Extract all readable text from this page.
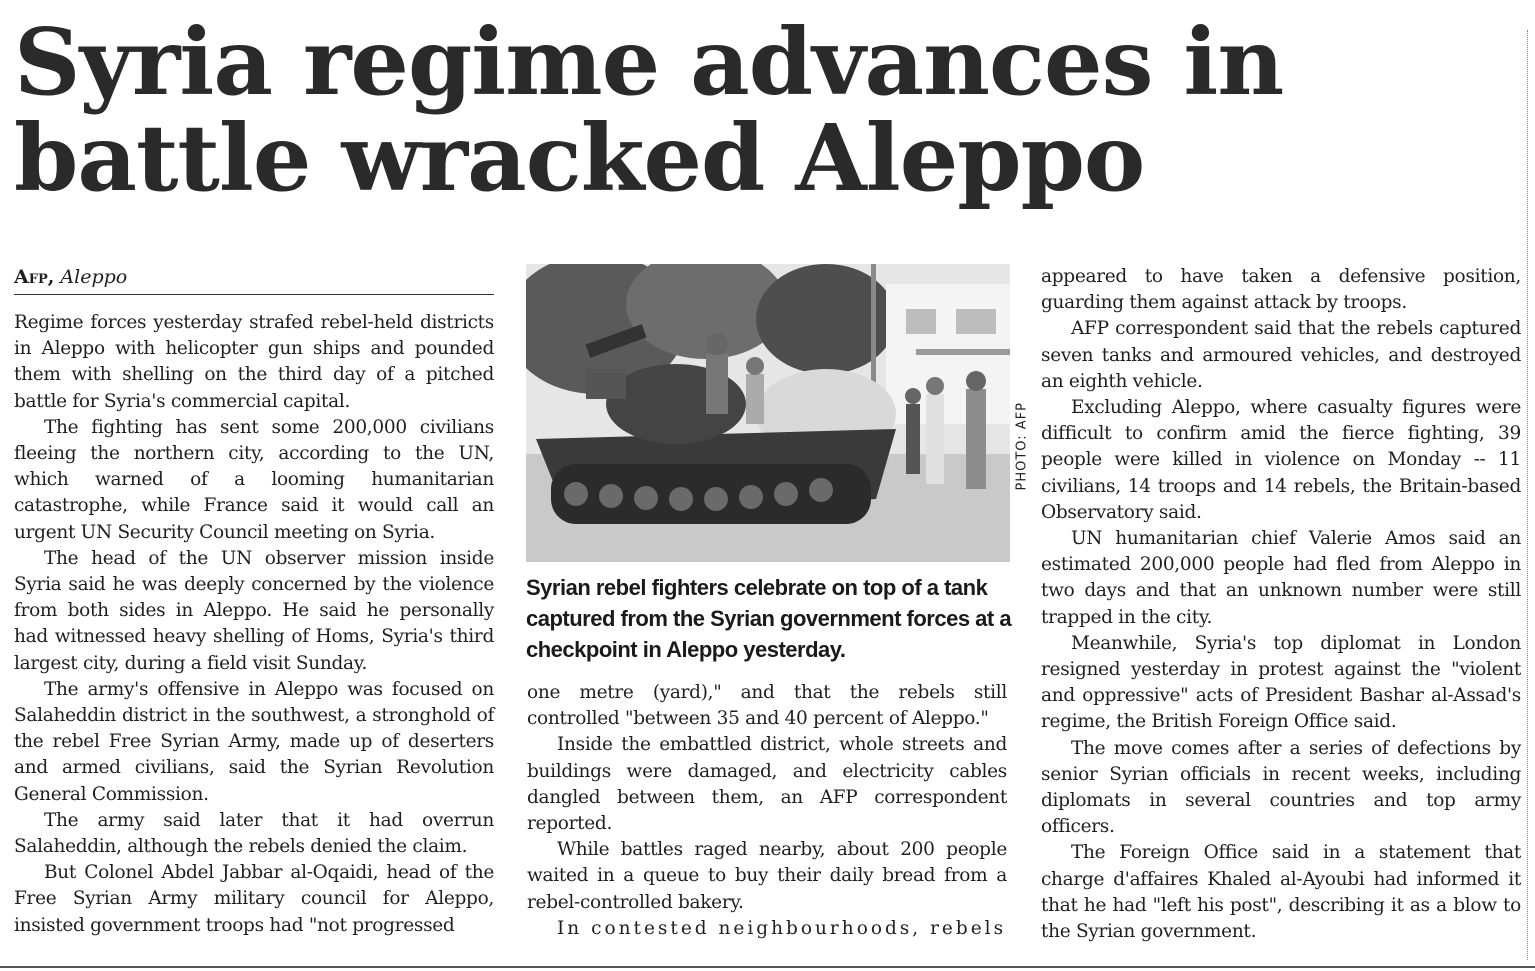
Syria regime advances in battle wracked Aleppo
Afp, Aleppo

Regime forces yesterday strafed rebel-held districts in Aleppo with helicopter gun ships and pounded them with shelling on the third day of a pitched battle for Syria's commercial capital.

The fighting has sent some 200,000 civilians fleeing the northern city, according to the UN, which warned of a looming humanitarian catastrophe, while France said it would call an urgent UN Security Council meeting on Syria.

The head of the UN observer mission inside Syria said he was deeply concerned by the violence from both sides in Aleppo. He said he personally had witnessed heavy shelling of Homs, Syria's third largest city, during a field visit Sunday.

The army's offensive in Aleppo was focused on Salaheddin district in the southwest, a stronghold of the rebel Free Syrian Army, made up of deserters and armed civilians, said the Syrian Revolution General Commission.

The army said later that it had overrun Salaheddin, although the rebels denied the claim.

But Colonel Abdel Jabbar al-Oqaidi, head of the Free Syrian Army military council for Aleppo, insisted government troops had "not progressed

PHOTO: AFP

Syrian rebel fighters celebrate on top of a tank captured from the Syrian government forces at a checkpoint in Aleppo yesterday.

one metre (yard)," and that the rebels still controlled "between 35 and 40 percent of Aleppo."

Inside the embattled district, whole streets and buildings were damaged, and electricity cables dangled between them, an AFP correspondent reported.

While battles raged nearby, about 200 people waited in a queue to buy their daily bread from a rebel-controlled bakery.

In contested neighbourhoods, rebels

appeared to have taken a defensive position, guarding them against attack by troops.

AFP correspondent said that the rebels captured seven tanks and armoured vehicles, and destroyed an eighth vehicle.

Excluding Aleppo, where casualty figures were difficult to confirm amid the fierce fighting, 39 people were killed in violence on Monday -- 11 civilians, 14 troops and 14 rebels, the Britain-based Observatory said.

UN humanitarian chief Valerie Amos said an estimated 200,000 people had fled from Aleppo in two days and that an unknown number were still trapped in the city.

Meanwhile, Syria's top diplomat in London resigned yesterday in protest against the "violent and oppressive" acts of President Bashar al-Assad's regime, the British Foreign Office said.

The move comes after a series of defections by senior Syrian officials in recent weeks, including diplomats in several countries and top army officers.

The Foreign Office said in a statement that charge d'affaires Khaled al-Ayoubi had informed it that he had "left his post", describing it as a blow to the Syrian government.
